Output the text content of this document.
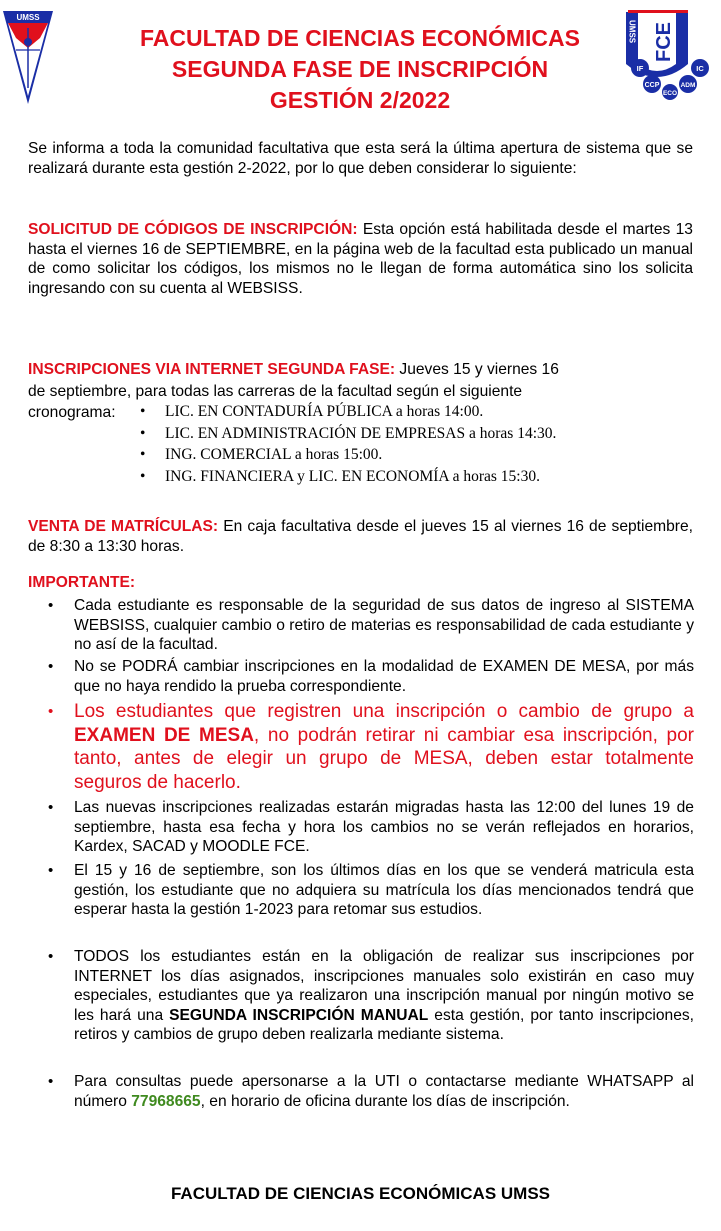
UMSS
UMSS FCE
IF	IC
CCP
ECO
ADM
FACULTAD DE CIENCIAS ECONÓMICAS
SEGUNDA FASE DE INSCRIPCIÓN
GESTIÓN 2/2022
Se informa a toda la comunidad facultativa que esta será la última apertura de sistema que se realizará durante esta gestión 2-2022, por lo que deben considerar lo siguiente:
SOLICITUD DE CÓDIGOS DE INSCRIPCIÓN: Esta opción está habilitada desde el martes 13 hasta el viernes 16 de SEPTIEMBRE, en la página web de la facultad esta publicado un manual de como solicitar los códigos, los mismos no le llegan de forma automática sino los solicita ingresando con su cuenta al WEBSISS.
INSCRIPCIONES VIA INTERNET SEGUNDA FASE: Jueves 15 y viernes 16
de septiembre, para todas las carreras de la facultad según el siguiente
cronograma:	• LIC. EN CONTADURÍA PÚBLICA a horas 14:00.
• LIC. EN ADMINISTRACIÓN DE EMPRESAS a horas 14:30.
• ING. COMERCIAL a horas 15:00.
• ING. FINANCIERA y LIC. EN ECONOMÍA a horas 15:30.
VENTA DE MATRÍCULAS: En caja facultativa desde el jueves 15 al viernes 16 de septiembre, de 8:30 a 13:30 horas.
IMPORTANTE:
• Cada estudiante es responsable de la seguridad de sus datos de ingreso al SISTEMA WEBSISS, cualquier cambio o retiro de materias es responsabilidad de cada estudiante y no así de la facultad.
• No se PODRÁ cambiar inscripciones en la modalidad de EXAMEN DE MESA, por más que no haya rendido la prueba correspondiente.
• Los estudiantes que registren una inscripción o cambio de grupo a EXAMEN DE MESA, no podrán retirar ni cambiar esa inscripción, por tanto, antes de elegir un grupo de MESA, deben estar totalmente seguros de hacerlo.
• Las nuevas inscripciones realizadas estarán migradas hasta las 12:00 del lunes 19 de septiembre, hasta esa fecha y hora los cambios no se verán reflejados en horarios, Kardex, SACAD y MOODLE FCE.
• El 15 y 16 de septiembre, son los últimos días en los que se venderá matricula esta gestión, los estudiante que no adquiera su matrícula los días mencionados tendrá que esperar hasta la gestión 1-2023 para retomar sus estudios.
• TODOS los estudiantes están en la obligación de realizar sus inscripciones por INTERNET los días asignados, inscripciones manuales solo existirán en caso muy especiales, estudiantes que ya realizaron una inscripción manual por ningún motivo se les hará una SEGUNDA INSCRIPCIÓN MANUAL esta gestión, por tanto inscripciones, retiros y cambios de grupo deben realizarla mediante sistema.
• Para consultas puede apersonarse a la UTI o contactarse mediante WHATSAPP al número 77968665, en horario de oficina durante los días de inscripción.
FACULTAD DE CIENCIAS ECONÓMICAS UMSS
